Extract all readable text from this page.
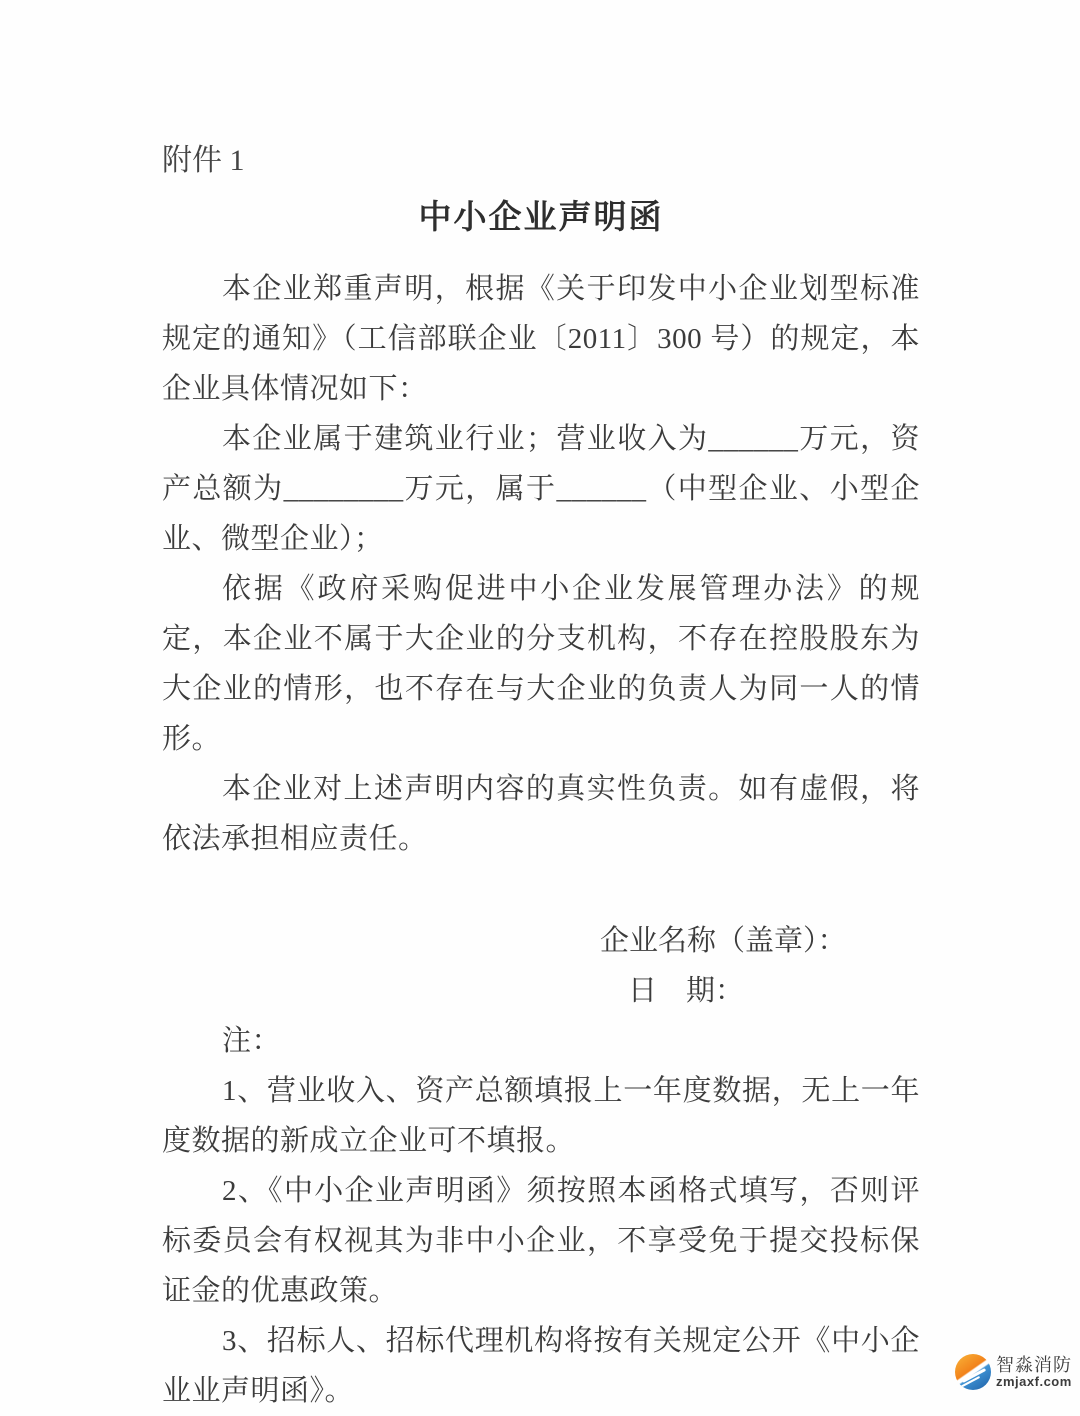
附件 1
中小企业声明函

本企业郑重声明，根据《关于印发中小企业划型标准规定的通知》（工信部联企业〔2011〕300 号）的规定，本企业具体情况如下：

本企业属于建筑业行业；营业收入为______万元，资产总额为________万元，属于______（中型企业、小型企业、微型企业）；

依据《政府采购促进中小企业发展管理办法》的规定，本企业不属于大企业的分支机构，不存在控股股东为大企业的情形，也不存在与大企业的负责人为同一人的情形。

本企业对上述声明内容的真实性负责。如有虚假，将依法承担相应责任。

企业名称（盖章）：
日　期：

注：

1、营业收入、资产总额填报上一年度数据，无上一年度数据的新成立企业可不填报。

2、《中小企业声明函》须按照本函格式填写，否则评标委员会有权视其为非中小企业，不享受免于提交投标保证金的优惠政策。

3、招标人、招标代理机构将按有关规定公开《中小企业业声明函》。

智淼消防
zmjaxf.com
